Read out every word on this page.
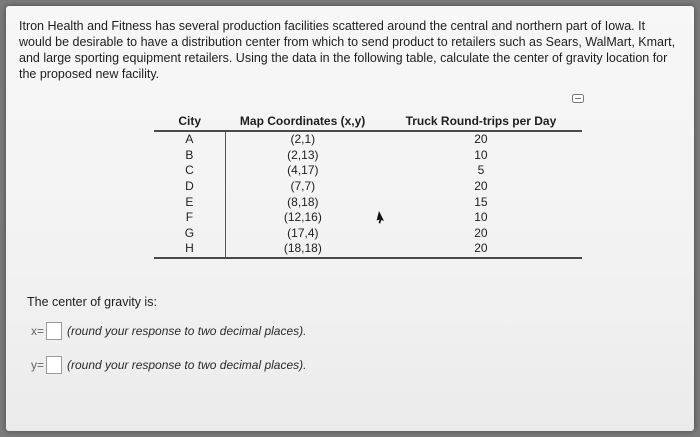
Itron Health and Fitness has several production facilities scattered around the central and northern part of Iowa. It would be desirable to have a distribution center from which to send product to retailers such as Sears, WalMart, Kmart, and large sporting equipment retailers. Using the data in the following table, calculate the center of gravity location for the proposed new facility.
City	Map Coordinates (x,y)	Truck Round-trips per Day
A	(2,1)	20
B	(2,13)	10
C	(4,17)	5
D	(7,7)	20
E	(8,18)	15
F	(12,16)	10
G	(17,4)	20
H	(18,18)	20
The center of gravity is:
x = (round your response to two decimal places).
y = (round your response to two decimal places).
